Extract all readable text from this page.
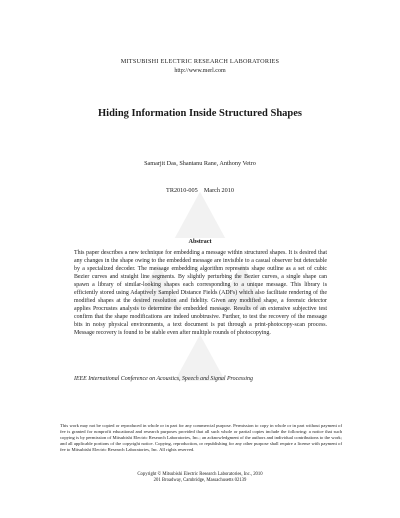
MITSUBISHI ELECTRIC RESEARCH LABORATORIES
http://www.merl.com
Hiding Information Inside Structured Shapes
Samarjit Das, Shantanu Rane, Anthony Vetro
TR2010-005    March 2010
Abstract
This paper describes a new technique for embedding a message within structured shapes. It is desired that any changes in the shape owing to the embedded message are invisible to a casual observer but detectable by a specialized decoder. The message embedding algorithm represents shape outline as a set of cubic Bezier curves and straight line segments. By slightly perturbing the Bezier curves, a single shape can spawn a library of similar-looking shapes each corresponding to a unique message. This library is efficiently stored using Adaptively Sampled Distance Fields (ADFs) which also facilitate rendering of the modified shapes at the desired resolution and fidelity. Given any modified shape, a forensic detector applies Procrustes analysis to determine the embedded message. Results of an extensive subjective test confirm that the shape modifications are indeed unobtrusive. Further, to test the recovery of the message bits in noisy physical environments, a text document is put through a print-photocopy-scan process. Message recovery is found to be stable even after multiple rounds of photocopying.
IEEE International Conference on Acoustics, Speech and Signal Processing
This work may not be copied or reproduced in whole or in part for any commercial purpose. Permission to copy in whole or in part without payment of fee is granted for nonprofit educational and research purposes provided that all such whole or partial copies include the following: a notice that such copying is by permission of Mitsubishi Electric Research Laboratories, Inc.; an acknowledgment of the authors and individual contributions to the work; and all applicable portions of the copyright notice. Copying, reproduction, or republishing for any other purpose shall require a license with payment of fee to Mitsubishi Electric Research Laboratories, Inc. All rights reserved.
Copyright © Mitsubishi Electric Research Laboratories, Inc., 2010
201 Broadway, Cambridge, Massachusetts 02139
